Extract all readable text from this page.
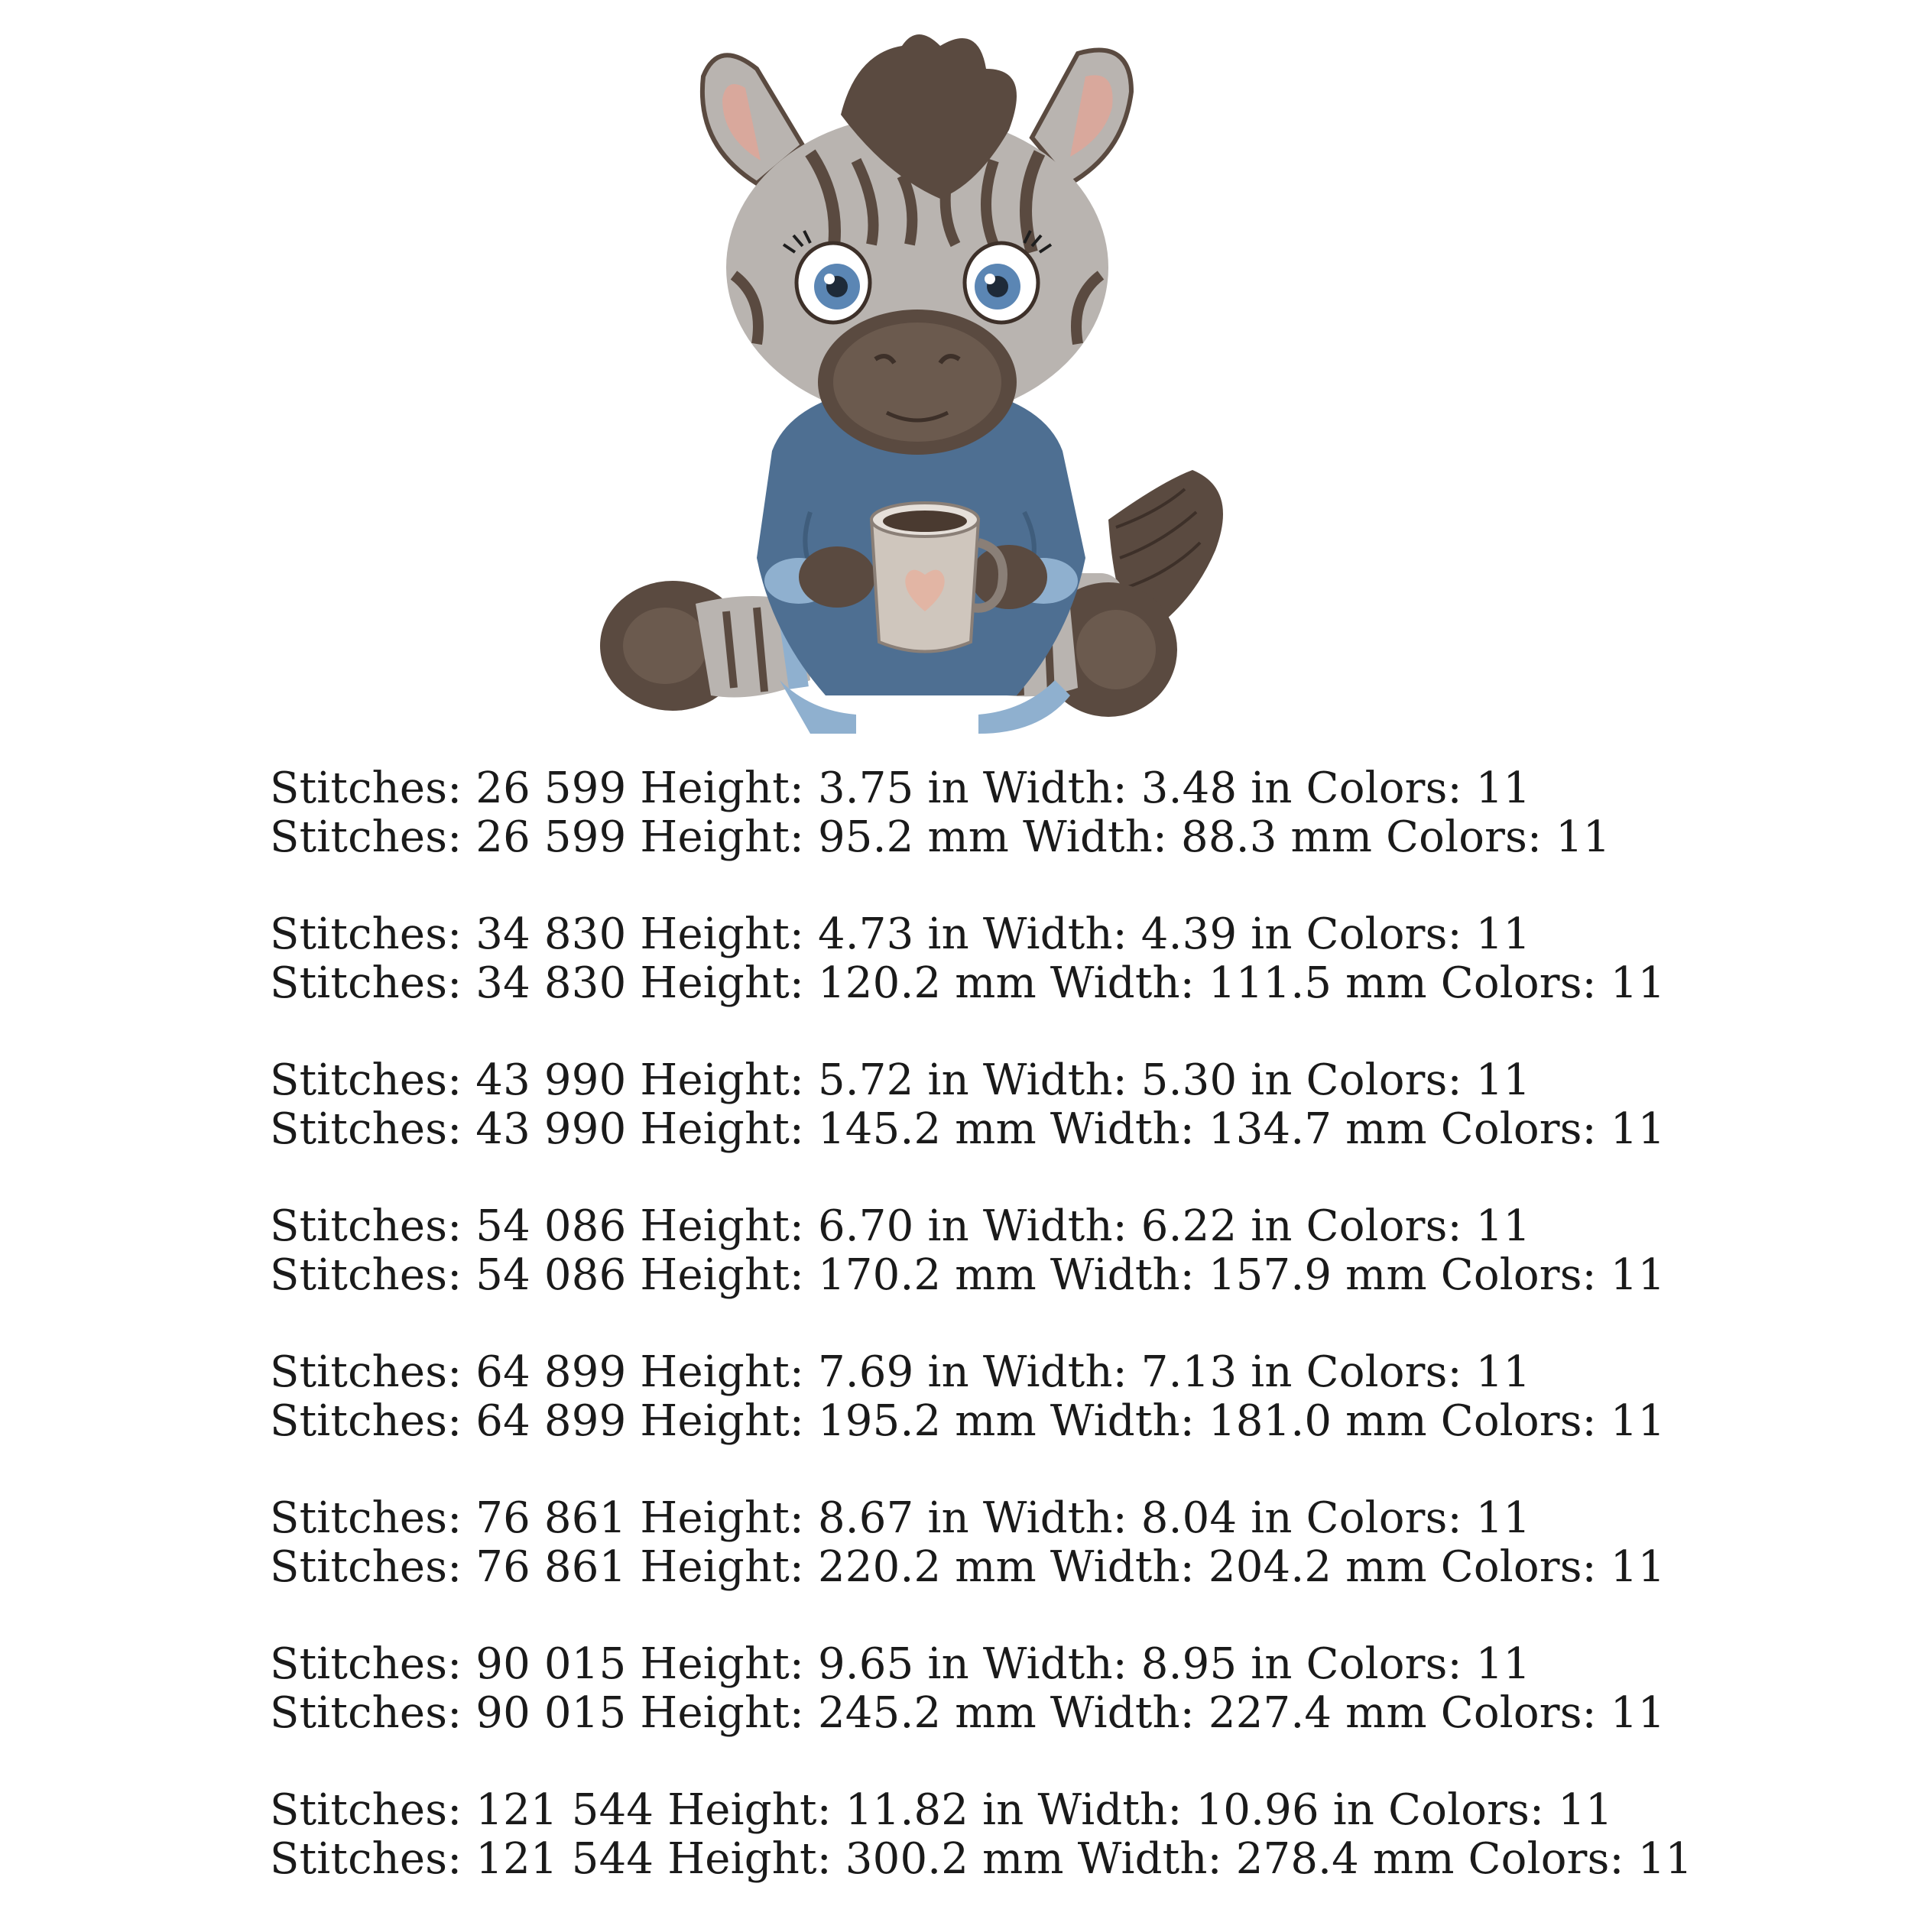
Stitches: 26 599 Height: 3.75 in Width: 3.48 in Colors: 11
Stitches: 26 599 Height: 95.2 mm Width: 88.3 mm Colors: 11
Stitches: 34 830 Height: 4.73 in Width: 4.39 in Colors: 11
Stitches: 34 830 Height: 120.2 mm Width: 111.5 mm Colors: 11
Stitches: 43 990 Height: 5.72 in Width: 5.30 in Colors: 11
Stitches: 43 990 Height: 145.2 mm Width: 134.7 mm Colors: 11
Stitches: 54 086 Height: 6.70 in Width: 6.22 in Colors: 11
Stitches: 54 086 Height: 170.2 mm Width: 157.9 mm Colors: 11
Stitches: 64 899 Height: 7.69 in Width: 7.13 in Colors: 11
Stitches: 64 899 Height: 195.2 mm Width: 181.0 mm Colors: 11
Stitches: 76 861 Height: 8.67 in Width: 8.04 in Colors: 11
Stitches: 76 861 Height: 220.2 mm Width: 204.2 mm Colors: 11
Stitches: 90 015 Height: 9.65 in Width: 8.95 in Colors: 11
Stitches: 90 015 Height: 245.2 mm Width: 227.4 mm Colors: 11
Stitches: 121 544 Height: 11.82 in Width: 10.96 in Colors: 11
Stitches: 121 544 Height: 300.2 mm Width: 278.4 mm Colors: 11
